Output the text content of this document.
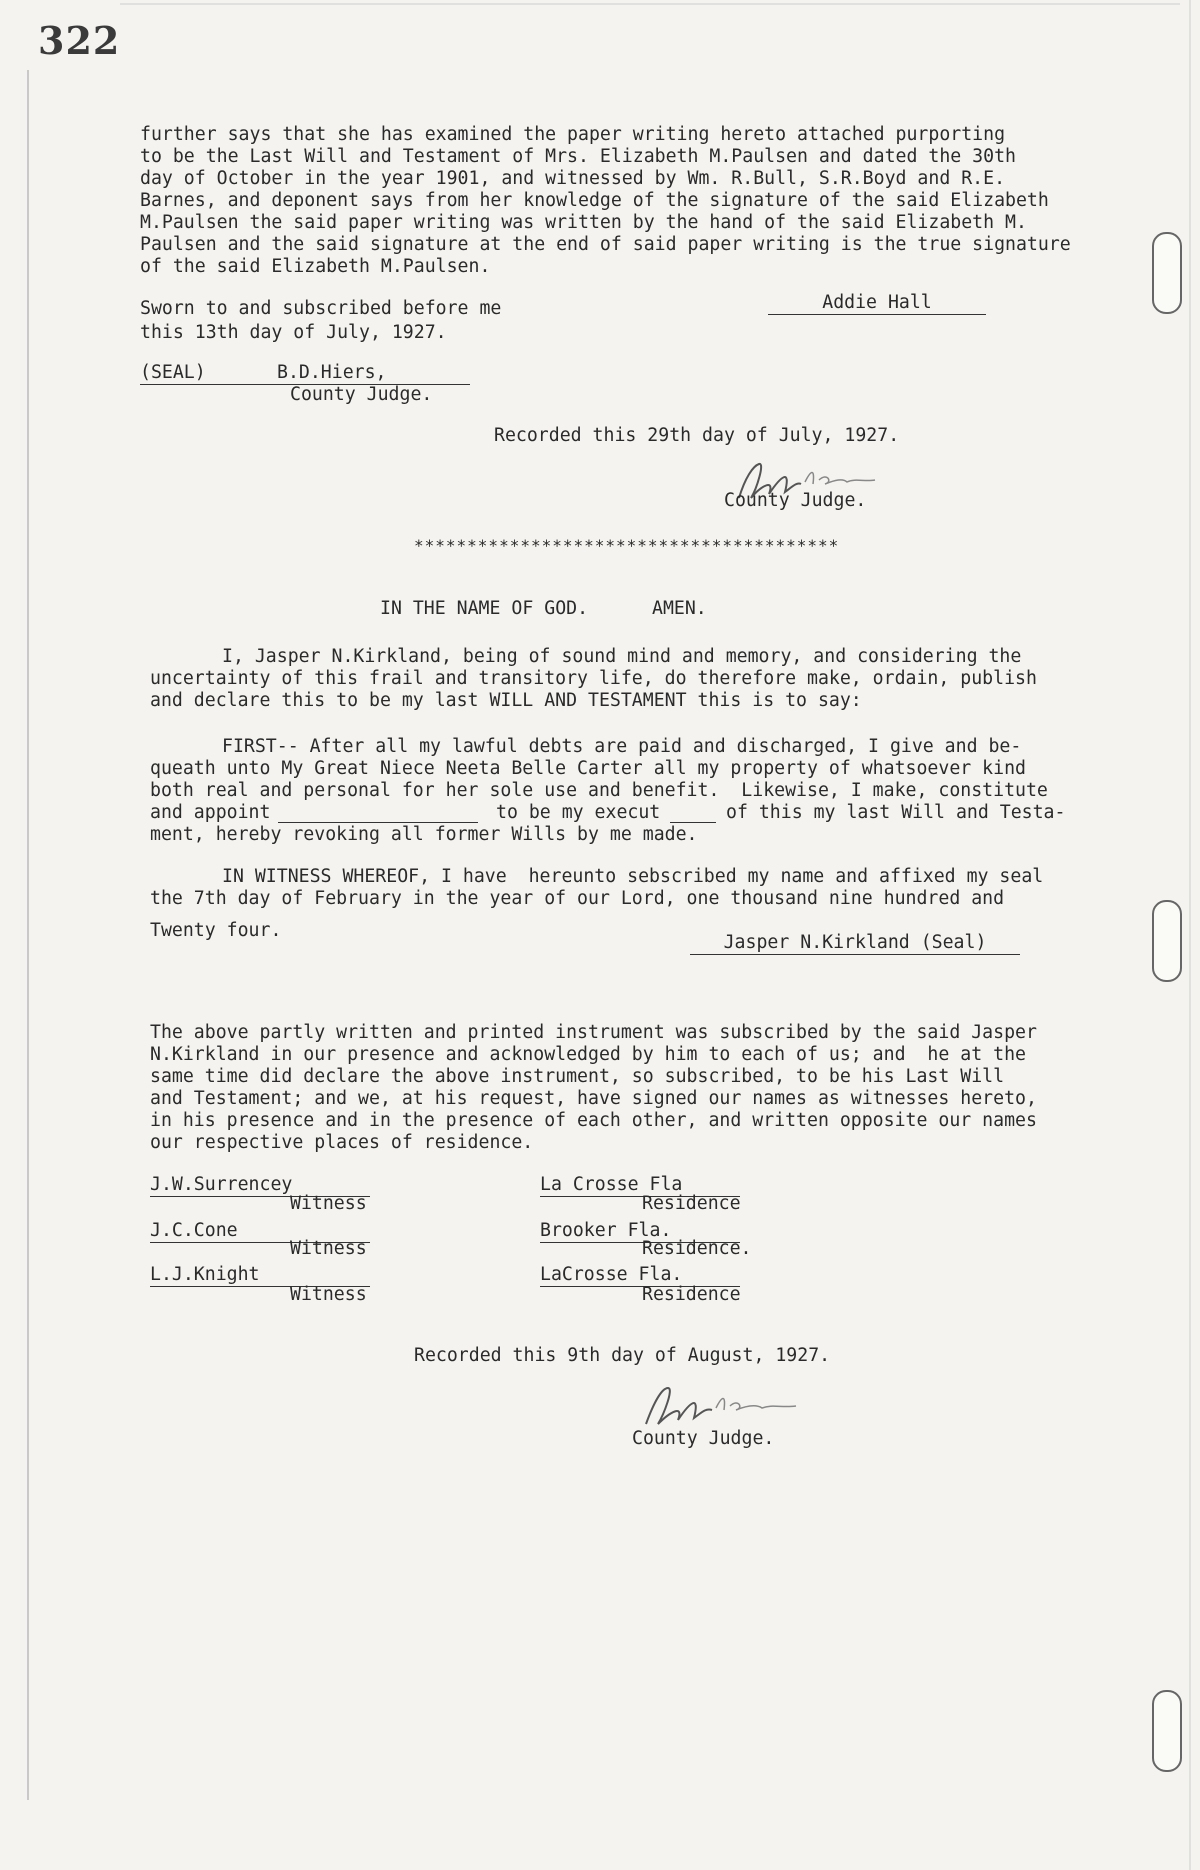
322
further says that she has examined the paper writing hereto attached purporting
to be the Last Will and Testament of Mrs. Elizabeth M.Paulsen and dated the 30th
day of October in the year 1901, and witnessed by Wm. R.Bull, S.R.Boyd and R.E.
Barnes, and deponent says from her knowledge of the signature of the said Elizabeth
M.Paulsen the said paper writing was written by the hand of the said Elizabeth M.
Paulsen and the said signature at the end of said paper writing is the true signature
of the said Elizabeth M.Paulsen.
Sworn to and subscribed before me
this 13th day of July, 1927.
Addie Hall
(SEAL)	B.D.Hiers,
County Judge.
Recorded this 29th day of July, 1927.
County Judge.
****************************************
IN THE NAME OF GOD.	AMEN.
I, Jasper N.Kirkland, being of sound mind and memory, and considering the
uncertainty of this frail and transitory life, do therefore make, ordain, publish
and declare this to be my last WILL AND TESTAMENT this is to say:
FIRST-- After all my lawful debts are paid and discharged, I give and be-
queath unto My Great Niece Neeta Belle Carter all my property of whatsoever kind
both real and personal for her sole use and benefit.  Likewise, I make, constitute
and appoint	to be my execut	of this my last Will and Testa-
ment, hereby revoking all former Wills by me made.
IN WITNESS WHEREOF, I have  hereunto sebscribed my name and affixed my seal
the 7th day of February in the year of our Lord, one thousand nine hundred and
Twenty four.
Jasper N.Kirkland (Seal)
The above partly written and printed instrument was subscribed by the said Jasper
N.Kirkland in our presence and acknowledged by him to each of us; and  he at the
same time did declare the above instrument, so subscribed, to be his Last Will
and Testament; and we, at his request, have signed our names as witnesses hereto,
in his presence and in the presence of each other, and written opposite our names
our respective places of residence.
J.W.Surrencey
Witness
La Crosse Fla
Residence
J.C.Cone
Witness
Brooker Fla.
Residence.
L.J.Knight
Witness
LaCrosse Fla.
Residence
Recorded this 9th day of August, 1927.
County Judge.
